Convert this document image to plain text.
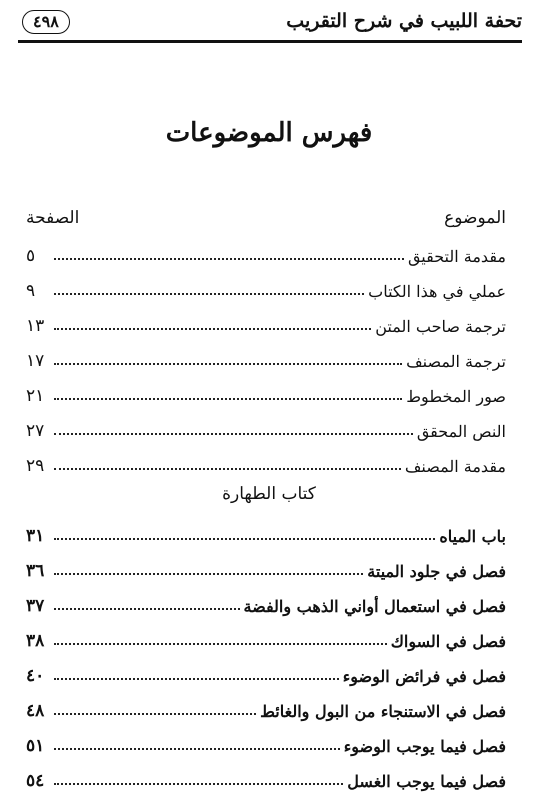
تحفة اللبيب في شرح التقريب
٤٩٨
فهرس الموضوعات
الموضوع
الصفحة
مقدمة التحقيق
٥
عملي في هذا الكتاب
٩
ترجمة صاحب المتن
١٣
ترجمة المصنف
١٧
صور المخطوط
٢١
النص المحقق
٢٧
مقدمة المصنف
٢٩
كتاب الطهارة
باب المياه
٣١
فصل في جلود الميتة
٣٦
فصل في استعمال أواني الذهب والفضة
٣٧
فصل في السواك
٣٨
فصل في فرائض الوضوء
٤٠
فصل في الاستنجاء من البول والغائط
٤٨
فصل فيما يوجب الوضوء
٥١
فصل فيما يوجب الغسل
٥٤
